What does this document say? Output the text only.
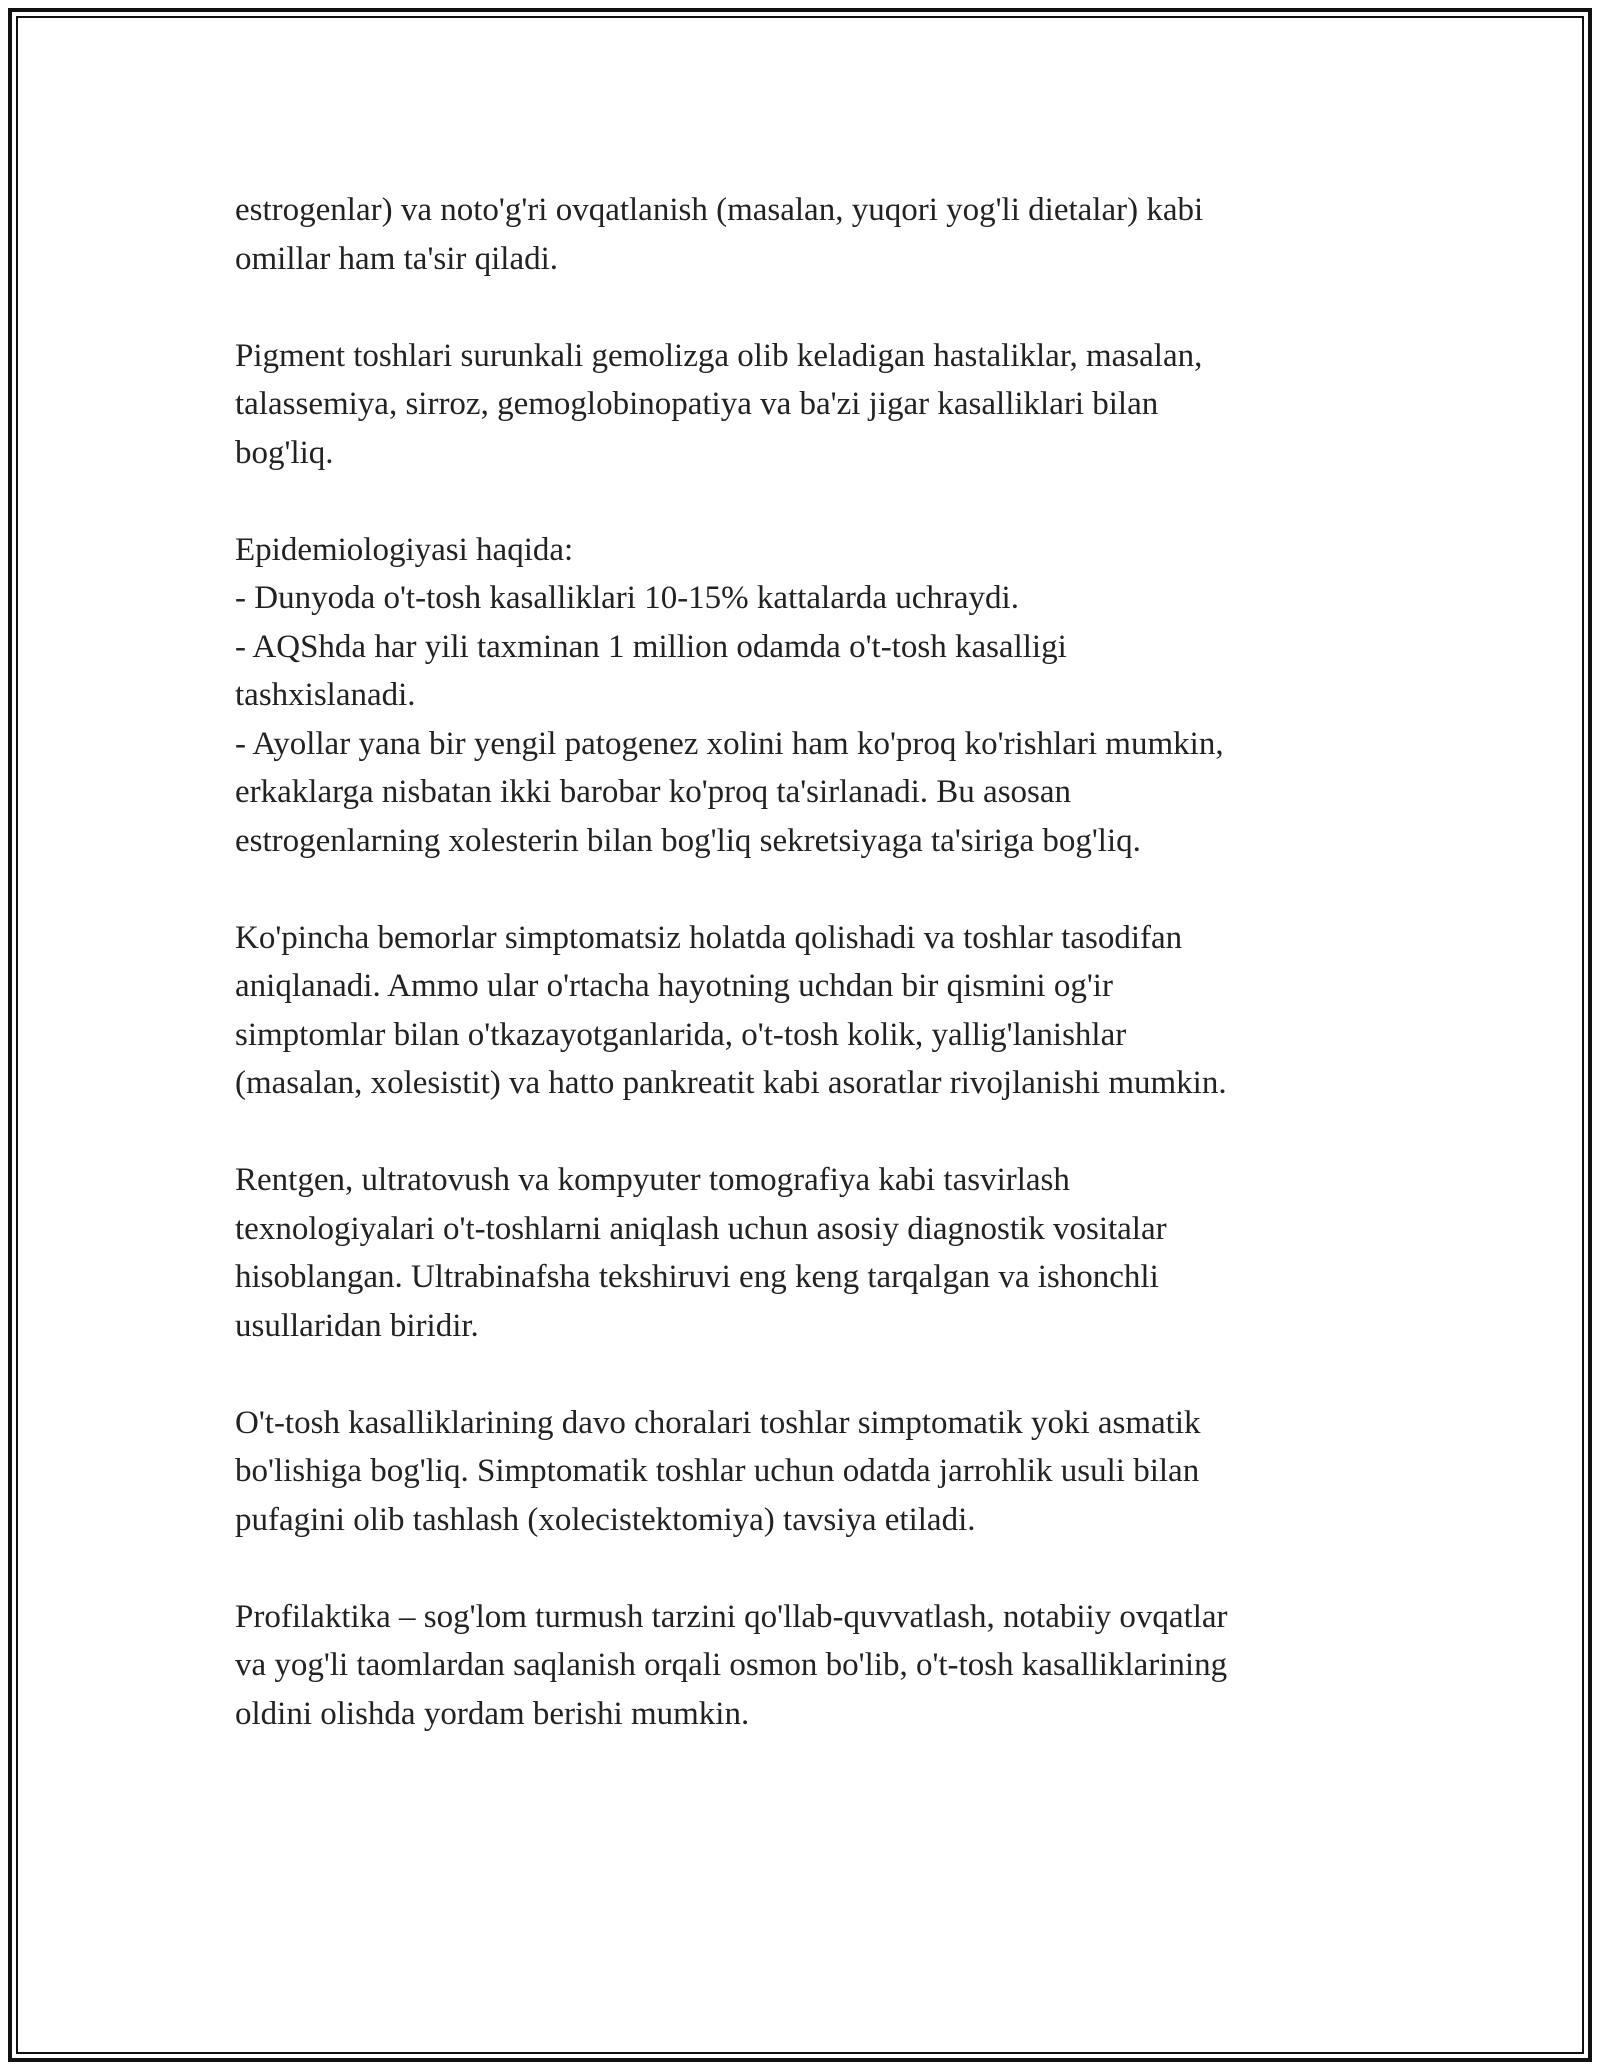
estrogenlar) va noto'g'ri ovqatlanish (masalan, yuqori yog'li dietalar) kabi
omillar ham ta'sir qiladi.

Pigment toshlari surunkali gemolizga olib keladigan hastaliklar, masalan,
talassemiya, sirroz, gemoglobinopatiya va ba'zi jigar kasalliklari bilan
bog'liq.

Epidemiologiyasi haqida:
- Dunyoda o't-tosh kasalliklari 10-15% kattalarda uchraydi.
- AQShda har yili taxminan 1 million odamda o't-tosh kasalligi
tashxislanadi.
- Ayollar yana bir yengil patogenez xolini ham ko'proq ko'rishlari mumkin,
erkaklarga nisbatan ikki barobar ko'proq ta'sirlanadi. Bu asosan
estrogenlarning xolesterin bilan bog'liq sekretsiyaga ta'siriga bog'liq.

Ko'pincha bemorlar simptomatsiz holatda qolishadi va toshlar tasodifan
aniqlanadi. Ammo ular o'rtacha hayotning uchdan bir qismini og'ir
simptomlar bilan o'tkazayotganlarida, o't-tosh kolik, yallig'lanishlar
(masalan, xolesistit) va hatto pankreatit kabi asoratlar rivojlanishi mumkin.

Rentgen, ultratovush va kompyuter tomografiya kabi tasvirlash
texnologiyalari o't-toshlarni aniqlash uchun asosiy diagnostik vositalar
hisoblangan. Ultrabinafsha tekshiruvi eng keng tarqalgan va ishonchli
usullaridan biridir.

O't-tosh kasalliklarining davo choralari toshlar simptomatik yoki asmatik
bo'lishiga bog'liq. Simptomatik toshlar uchun odatda jarrohlik usuli bilan
pufagini olib tashlash (xolecistektomiya) tavsiya etiladi.

Profilaktika – sog'lom turmush tarzini qo'llab-quvvatlash, notabiiy ovqatlar
va yog'li taomlardan saqlanish orqali osmon bo'lib, o't-tosh kasalliklarining
oldini olishda yordam berishi mumkin.
